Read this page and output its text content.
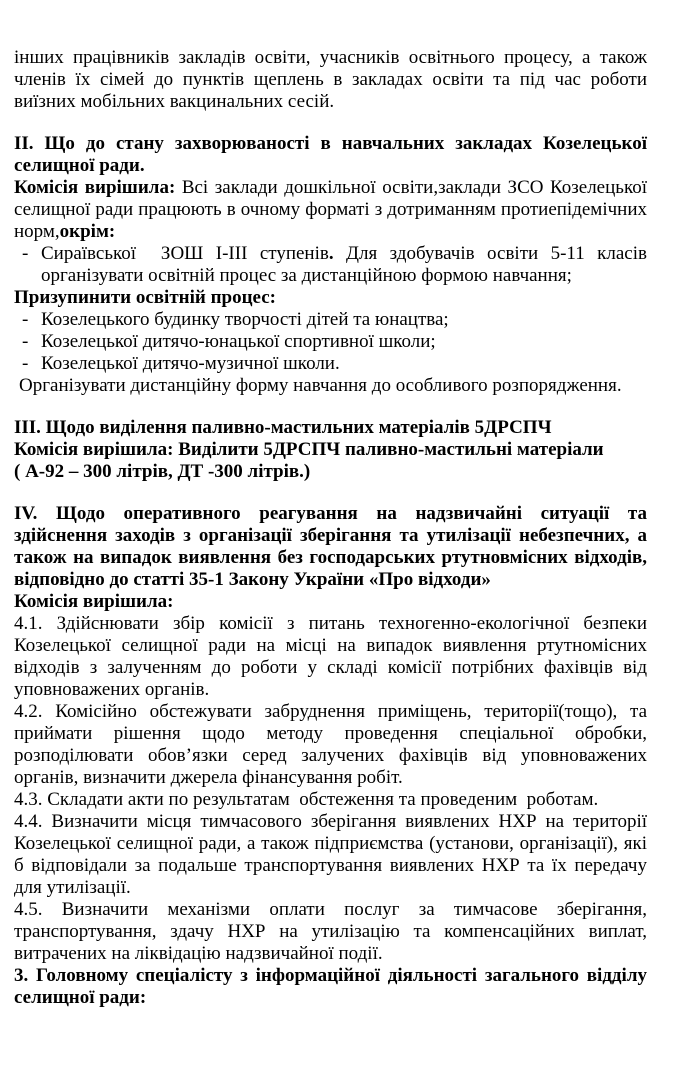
інших працівників закладів освіти, учасників освітнього процесу, а також членів їх сімей до пунктів щеплень в закладах освіти та під час роботи виїзних мобільних вакцинальних сесій.
ІІ. Що до стану захворюваності в навчальних закладах Козелецької селищної ради.
Комісія вирішила: Всі заклади дошкільної освіти,заклади ЗСО Козелецької селищної ради працюють в очному форматі з дотриманням протиепідемічних норм,окрім:
- Сираївської  ЗОШ І-ІІІ ступенів. Для здобувачів освіти 5-11 класів організувати освітній процес за дистанційною формою навчання;
Призупинити освітній процес:
- Козелецького будинку творчості дітей та юнацтва;
- Козелецької дитячо-юнацької спортивної школи;
- Козелецької дитячо-музичної школи.
Організувати дистанційну форму навчання до особливого розпорядження.
ІІІ. Щодо виділення паливно-мастильних матеріалів 5ДРСПЧ
Комісія вирішила: Виділити 5ДРСПЧ паливно-мастильні матеріали
( А-92 – 300 літрів, ДТ -300 літрів.)
IV. Щодо оперативного реагування на надзвичайні ситуації та здійснення заходів з організації зберігання та утилізації небезпечних, а також на випадок виявлення без господарських ртутновмісних відходів, відповідно до статті 35-1 Закону України «Про відходи»
Комісія вирішила:
4.1. Здійснювати збір комісії з питань техногенно-екологічної безпеки Козелецької селищної ради на місці на випадок виявлення ртутномісних відходів з залученням до роботи у складі комісії потрібних фахівців від уповноважених органів.
4.2. Комісійно обстежувати забруднення приміщень, території(тощо), та приймати рішення щодо методу проведення спеціальної обробки, розподілювати обов’язки серед залучених фахівців від уповноважених органів, визначити джерела фінансування робіт.
4.3. Складати акти по результатам  обстеження та проведеним  роботам.
4.4. Визначити місця тимчасового зберігання виявлених НХР на території Козелецької селищної ради, а також підприємства (установи, організації), які б відповідали за подальше транспортування виявлених НХР та їх передачу для утилізації.
4.5. Визначити механізми оплати послуг за тимчасове зберігання, транспортування, здачу НХР на утилізацію та компенсаційних виплат, витрачених на ліквідацію надзвичайної події.
3. Головному спеціалісту з інформаційної діяльності загального відділу селищної ради:
